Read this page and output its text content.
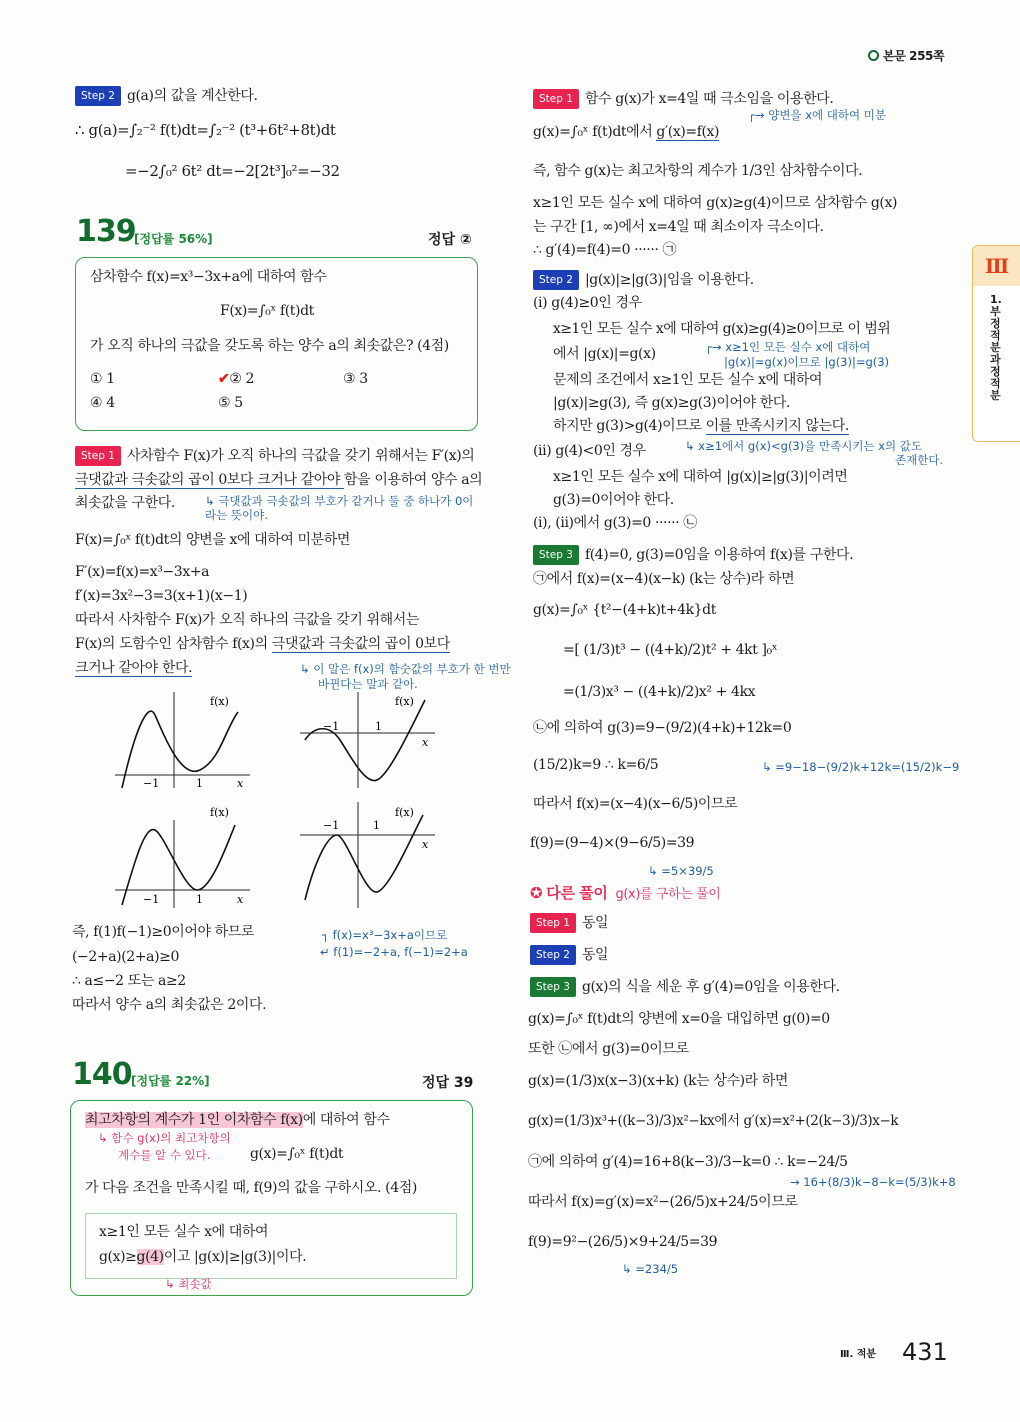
본문 255쪽
Ⅲ
1. 부정적분과 정적분
Step 2 g(a)의 값을 계산한다.
∴ g(a)=∫₂⁻² f(t)dt=∫₂⁻² (t³+6t²+8t)dt
=−2∫₀² 6t² dt=−2[2t³]₀²=−32
139
[정답률 56%]	정답 ②
삼차함수 f(x)=x³−3x+a에 대하여 함수
F(x)=∫₀ˣ f(t)dt
가 오직 하나의 극값을 갖도록 하는 양수 a의 최솟값은? (4점)
① 1	✔② 2	③ 3
④ 4	⑤ 5
Step 1 사차함수 F(x)가 오직 하나의 극값을 갖기 위해서는 F′(x)의
극댓값과 극솟값의 곱이 0보다 크거나 같아야 함을 이용하여 양수 a의
최솟값을 구한다.	↳ 극댓값과 극솟값의 부호가 같거나 둘 중 하나가 0이라는 뜻이야.
F(x)=∫₀ˣ f(t)dt의 양변을 x에 대하여 미분하면
F′(x)=f(x)=x³−3x+a
f′(x)=3x²−3=3(x+1)(x−1)
따라서 사차함수 F(x)가 오직 하나의 극값을 갖기 위해서는
F(x)의 도함수인 삼차함수 f(x)의 극댓값과 극솟값의 곱이 0보다
크거나 같아야 한다.	↳ 이 말은 f(x)의 함숫값의 부호가 한 번만
바뀐다는 말과 같아.
f(x)
−1	1	x
f(x)
−1	1
x
f(x)
−1	1	x
f(x)
−1	1
x
즉, f(1)f(−1)≥0이어야 하므로	┐ f(x)=x³−3x+a이므로
↵ f(1)=−2+a, f(−1)=2+a
(−2+a)(2+a)≥0
∴ a≤−2 또는 a≥2
따라서 양수 a의 최솟값은 2이다.
140 [정답률 22%]	정답 39
최고차항의 계수가 1인 이차함수 f(x)에 대하여 함수
↳ 함수 g(x)의 최고차항의
계수를 알 수 있다.	g(x)=∫₀ˣ f(t)dt
가 다음 조건을 만족시킬 때, f(9)의 값을 구하시오. (4점)
x≥1인 모든 실수 x에 대하여
g(x)≥g(4)이고 |g(x)|≥|g(3)|이다.
↳ 최솟값
Step 1 함수 g(x)가 x=4일 때 극소임을 이용한다.
┌→ 양변을 x에 대하여 미분
g(x)=∫₀ˣ f(t)dt에서 g′(x)=f(x)
즉, 함수 g(x)는 최고차항의 계수가 1/3인 삼차함수이다.
x≥1인 모든 실수 x에 대하여 g(x)≥g(4)이므로 삼차함수 g(x)
는 구간 [1, ∞)에서 x=4일 때 최소이자 극소이다.
∴ g′(4)=f(4)=0 ······ ㉠
Step 2 |g(x)|≥|g(3)|임을 이용한다.
(i) g(4)≥0인 경우
x≥1인 모든 실수 x에 대하여 g(x)≥g(4)≥0이므로 이 범위
에서 |g(x)|=g(x)	┌→ x≥1인 모든 실수 x에 대하여
|g(x)|=g(x)이므로 |g(3)|=g(3)
문제의 조건에서 x≥1인 모든 실수 x에 대하여
|g(x)|≥g(3), 즉 g(x)≥g(3)이어야 한다.
하지만 g(3)>g(4)이므로 이를 만족시키지 않는다.
(ii) g(4)<0인 경우	↳ x≥1에서 g(x)<g(3)을 만족시키는 x의 값도
존재한다.
x≥1인 모든 실수 x에 대하여 |g(x)|≥|g(3)|이려면
g(3)=0이어야 한다.
(i), (ii)에서 g(3)=0 ······ ㉡
Step 3 f(4)=0, g(3)=0임을 이용하여 f(x)를 구한다.
㉠에서 f(x)=(x−4)(x−k) (k는 상수)라 하면
g(x)=∫₀ˣ {t²−(4+k)t+4k}dt
=[ (1/3)t³ − ((4+k)/2)t² + 4kt ]₀ˣ
=(1/3)x³ − ((4+k)/2)x² + 4kx
㉡에 의하여 g(3)=9−(9/2)(4+k)+12k=0
(15/2)k=9 ∴ k=6/5	↳ =9−18−(9/2)k+12k=(15/2)k−9
따라서 f(x)=(x−4)(x−6/5)이므로
f(9)=(9−4)×(9−6/5)=39
↳ =5×39/5
✪ 다른 풀이 g(x)를 구하는 풀이
Step 1 동일
Step 2 동일
Step 3 g(x)의 식을 세운 후 g′(4)=0임을 이용한다.
g(x)=∫₀ˣ f(t)dt의 양변에 x=0을 대입하면 g(0)=0
또한 ㉡에서 g(3)=0이므로
g(x)=(1/3)x(x−3)(x+k) (k는 상수)라 하면
g(x)=(1/3)x³+((k−3)/3)x²−kx에서 g′(x)=x²+(2(k−3)/3)x−k
㉠에 의하여 g′(4)=16+8(k−3)/3−k=0 ∴ k=−24/5
→ 16+(8/3)k−8−k=(5/3)k+8
따라서 f(x)=g′(x)=x²−(26/5)x+24/5이므로
f(9)=9²−(26/5)×9+24/5=39
↳ =234/5
Ⅲ. 적분 431
